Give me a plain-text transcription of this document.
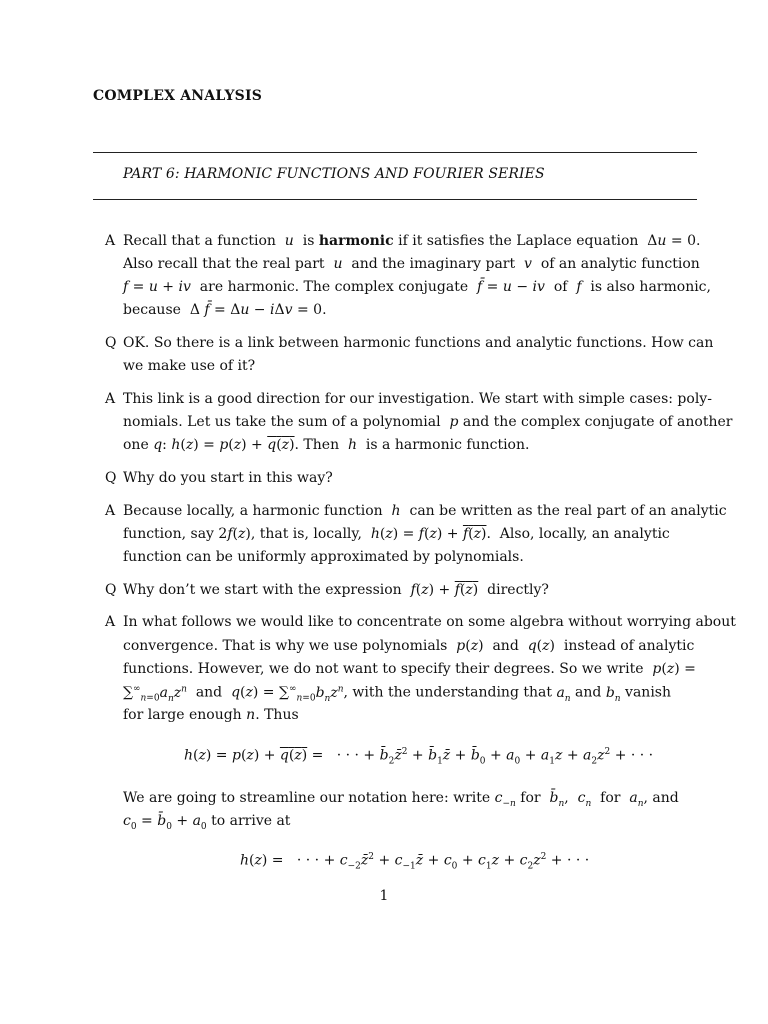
COMPLEX ANALYSIS
PART 6: HARMONIC FUNCTIONS AND FOURIER SERIES
A Recall that a function  u  is harmonic if it satisfies the Laplace equation  Δu = 0.
Also recall that the real part  u  and the imaginary part  v  of an analytic function
f = u + iv  are harmonic. The complex conjugate  f̄ = u − iv  of  f  is also harmonic,
because  Δ f̄ = Δu − iΔv = 0.
Q OK. So there is a link between harmonic functions and analytic functions. How can
we make use of it?
A This link is a good direction for our investigation. We start with simple cases: poly-
nomials. Let us take the sum of a polynomial  p and the complex conjugate of another
one q: h(z) = p(z) + q(z). Then  h  is a harmonic function.
Q Why do you start in this way?
A Because locally, a harmonic function  h  can be written as the real part of an analytic
function, say 2f(z), that is, locally,  h(z) = f(z) + f(z).  Also, locally, an analytic
function can be uniformly approximated by polynomials.
Q Why don’t we start with the expression  f(z) + f(z)  directly?
A In what follows we would like to concentrate on some algebra without worrying about
convergence. That is why we use polynomials  p(z)  and  q(z)  instead of analytic
functions. However, we do not want to specify their degrees. So we write  p(z) =
$\sum^\infty_{n=0}a_nz^n$  and  $q(z) = \sum^\infty_{n=0}b_nz^n$, with the understanding that $a_n$ and $b_n$ vanish
for large enough n. Thus
h(z) = p(z) + q(z) =   · · · + $b̄_2z̄^2$ + $b̄_1z̄$ + $b̄_0 + a_0 + a_1z + a_2z^2$ + · · ·
We are going to streamline our notation here: write $c_{-n}$ for  $b̄_n$,  $c_n$  for  $a_n$, and
$c_0$ = $b̄_0 + a_0$ to arrive at
h(z) =   · · · + $c_{-2}z̄^2$ + $c_{-1}z̄ + c_0 + c_1z + c_2z^2$ + · · ·
1
